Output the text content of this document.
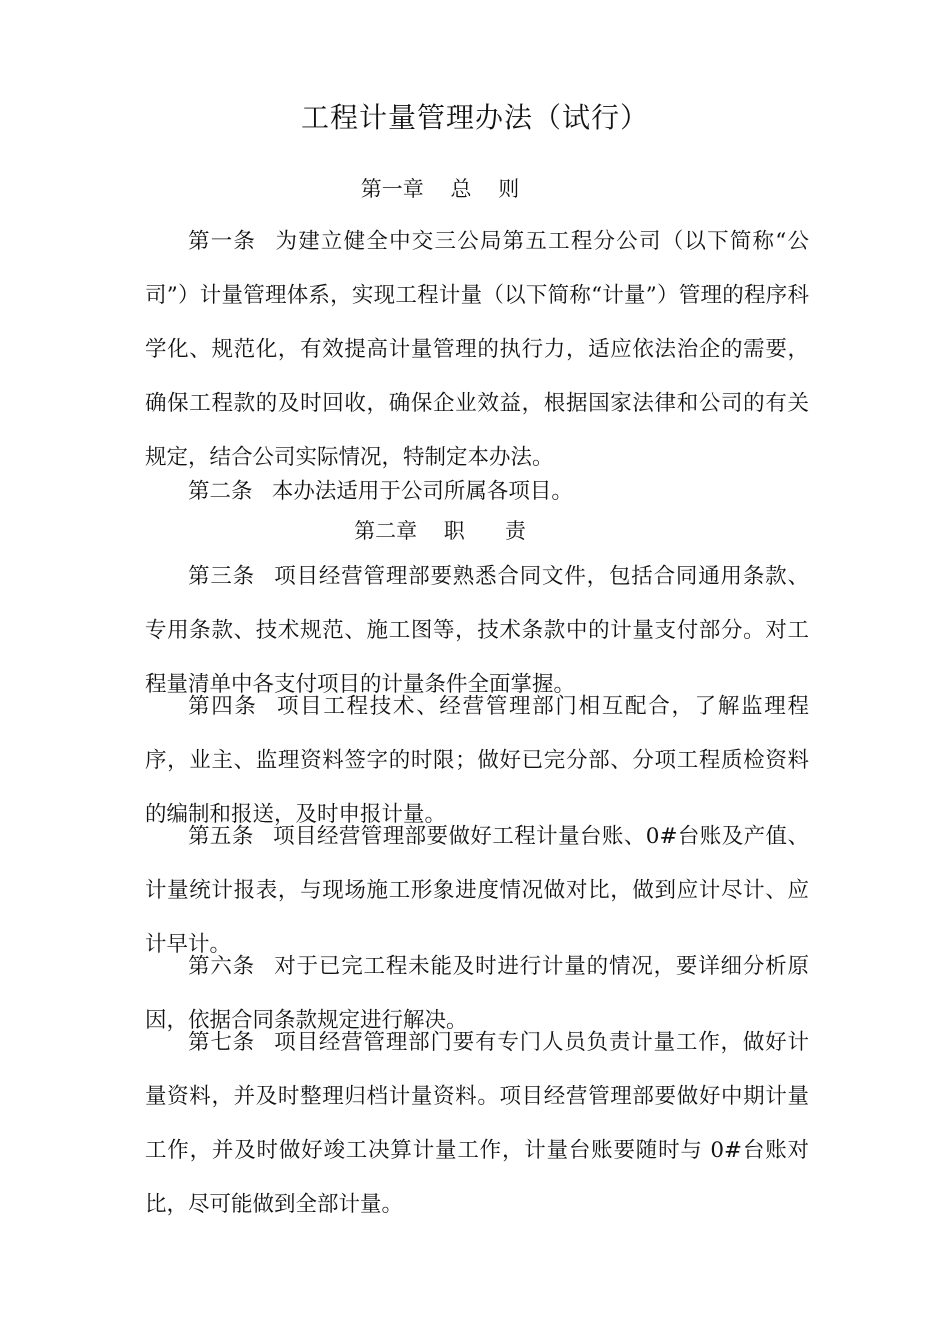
工程计量管理办法（试行）
第一章    总    则

第一条 为建立健全中交三公局第五工程分公司（以下简称“公司”）计量管理体系，实现工程计量（以下简称“计量”）管理的程序科学化、规范化，有效提高计量管理的执行力，适应依法治企的需要，确保工程款的及时回收，确保企业效益，根据国家法律和公司的有关规定，结合公司实际情况，特制定本办法。

第二条 本办法适用于公司所属各项目。

第二章    职      责

第三条 项目经营管理部要熟悉合同文件，包括合同通用条款、专用条款、技术规范、施工图等，技术条款中的计量支付部分。对工程量清单中各支付项目的计量条件全面掌握。

第四条 项目工程技术、经营管理部门相互配合，了解监理程序，业主、监理资料签字的时限；做好已完分部、分项工程质检资料的编制和报送，及时申报计量。

第五条 项目经营管理部要做好工程计量台账、0#台账及产值、计量统计报表，与现场施工形象进度情况做对比，做到应计尽计、应计早计。

第六条 对于已完工程未能及时进行计量的情况，要详细分析原因，依据合同条款规定进行解决。

第七条 项目经营管理部门要有专门人员负责计量工作，做好计量资料，并及时整理归档计量资料。项目经营管理部要做好中期计量工作，并及时做好竣工决算计量工作，计量台账要随时与 0#台账对比，尽可能做到全部计量。
